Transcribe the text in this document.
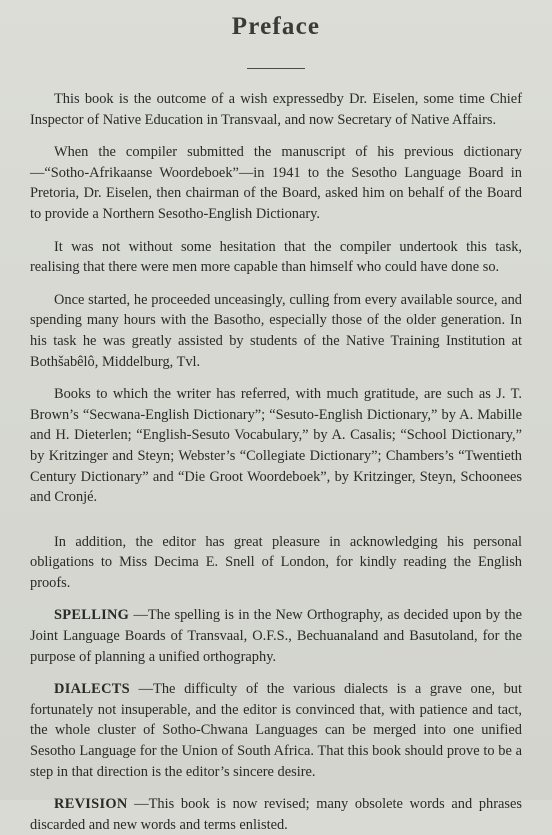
Preface

This book is the outcome of a wish expressedby Dr. Eiselen, some time Chief Inspector of Native Education in Transvaal, and now Secretary of Native Affairs.

When the compiler submitted the manuscript of his previous dictionary —“Sotho-Afrikaanse Woordeboek”—in 1941 to the Sesotho Language Board in Pretoria, Dr. Eiselen, then chairman of the Board, asked him on behalf of the Board to provide a Northern Sesotho-English Dictionary.

It was not without some hesitation that the compiler undertook this task, realising that there were men more capable than himself who could have done so.

Once started, he proceeded unceasingly, culling from every available source, and spending many hours with the Basotho, especially those of the older generation. In his task he was greatly assisted by students of the Native Training Institution at Bothšabêlô, Middelburg, Tvl.

Books to which the writer has referred, with much gratitude, are such as J. T. Brown’s “Secwana-English Dictionary”; “Sesuto-English Dictionary,” by A. Mabille and H. Dieterlen; “English-Sesuto Vocabulary,” by A. Casalis; “School Dictionary,” by Kritzinger and Steyn; Webster’s “Collegiate Dictionary”; Chambers’s “Twentieth Century Dictionary” and “Die Groot Woordeboek”, by Kritzinger, Steyn, Schoonees and Cronjé.

In addition, the editor has great pleasure in acknowledging his personal obligations to Miss Decima E. Snell of London, for kindly reading the English proofs.

SPELLING —The spelling is in the New Orthography, as decided upon by the Joint Language Boards of Transvaal, O.F.S., Bechuanaland and Basutoland, for the purpose of planning a unified orthography.

DIALECTS —The difficulty of the various dialects is a grave one, but fortunately not insuperable, and the editor is convinced that, with patience and tact, the whole cluster of Sotho-Chwana Languages can be merged into one unified Sesotho Language for the Union of South Africa. That this book should prove to be a step in that direction is the editor’s sincere desire.

REVISION —This book is now revised; many obsolete words and phrases discarded and new words and terms enlisted.
